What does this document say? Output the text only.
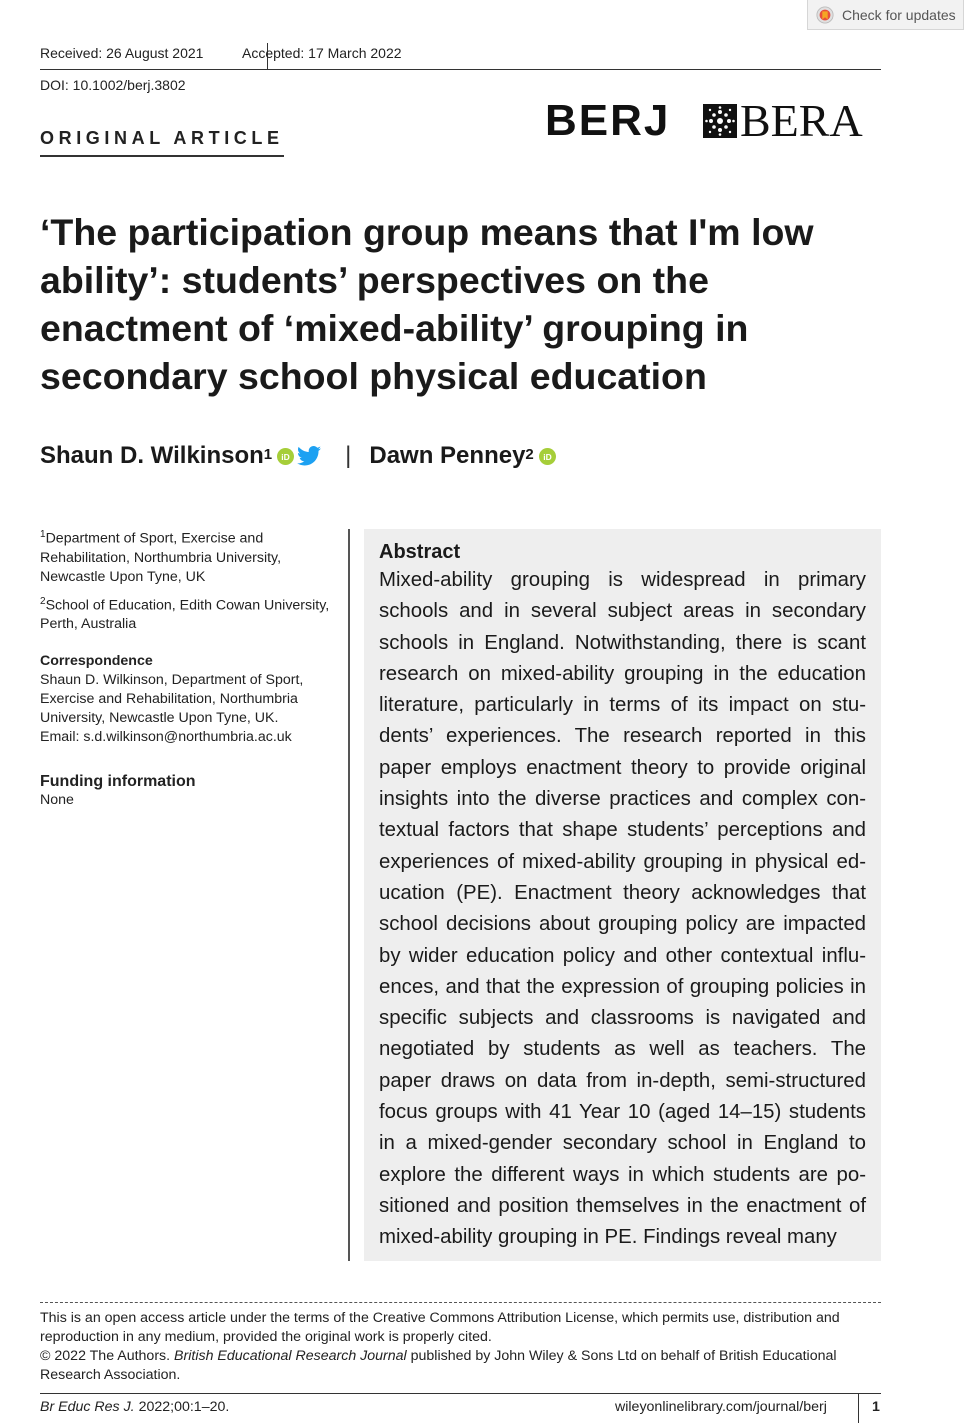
Check for updates
Received: 26 August 2021	Accepted: 17 March 2022
DOI: 10.1002/berj.3802
ORIGINAL ARTICLE	BERJ BERA
‘The participation group means that I'm low ability’: students’ perspectives on the enactment of ‘mixed-ability’ grouping in secondary school physical education
Shaun D. Wilkinson$^1$ iD | Dawn Penney$^2$ iD

$^1$Department of Sport, Exercise and Rehabilitation, Northumbria University, Newcastle Upon Tyne, UK

$^2$School of Education, Edith Cowan University, Perth, Australia

Correspondence

Shaun D. Wilkinson, Department of Sport, Exercise and Rehabilitation, Northumbria University, Newcastle Upon Tyne, UK.

Email: s.d.wilkinson@northumbria.ac.uk

Funding information

None

Abstract
Mixed-ability grouping is widespread in primary schools and in several subject areas in secondary schools in England. Notwithstanding, there is scant research on mixed-ability grouping in the education literature, particularly in terms of its impact on stu-dents’ experiences. The research reported in this paper employs enactment theory to provide original insights into the diverse practices and complex con-textual factors that shape students’ perceptions and experiences of mixed-ability grouping in physical ed-ucation (PE). Enactment theory acknowledges that school decisions about grouping policy are impacted by wider education policy and other contextual influ-ences, and that the expression of grouping policies in specific subjects and classrooms is navigated and negotiated by students as well as teachers. The paper draws on data from in-depth, semi-structured focus groups with 41 Year 10 (aged 14–15) students in a mixed-gender secondary school in England to explore the different ways in which students are po-sitioned and position themselves in the enactment of mixed-ability grouping in PE. Findings reveal many

This is an open access article under the terms of the Creative Commons Attribution License, which permits use, distribution and reproduction in any medium, provided the original work is properly cited.

© 2022 The Authors. British Educational Research Journal published by John Wiley & Sons Ltd on behalf of British Educational Research Association.

Br Educ Res J. 2022;00:1–20.	wileyonlinelibrary.com/journal/berj	1
